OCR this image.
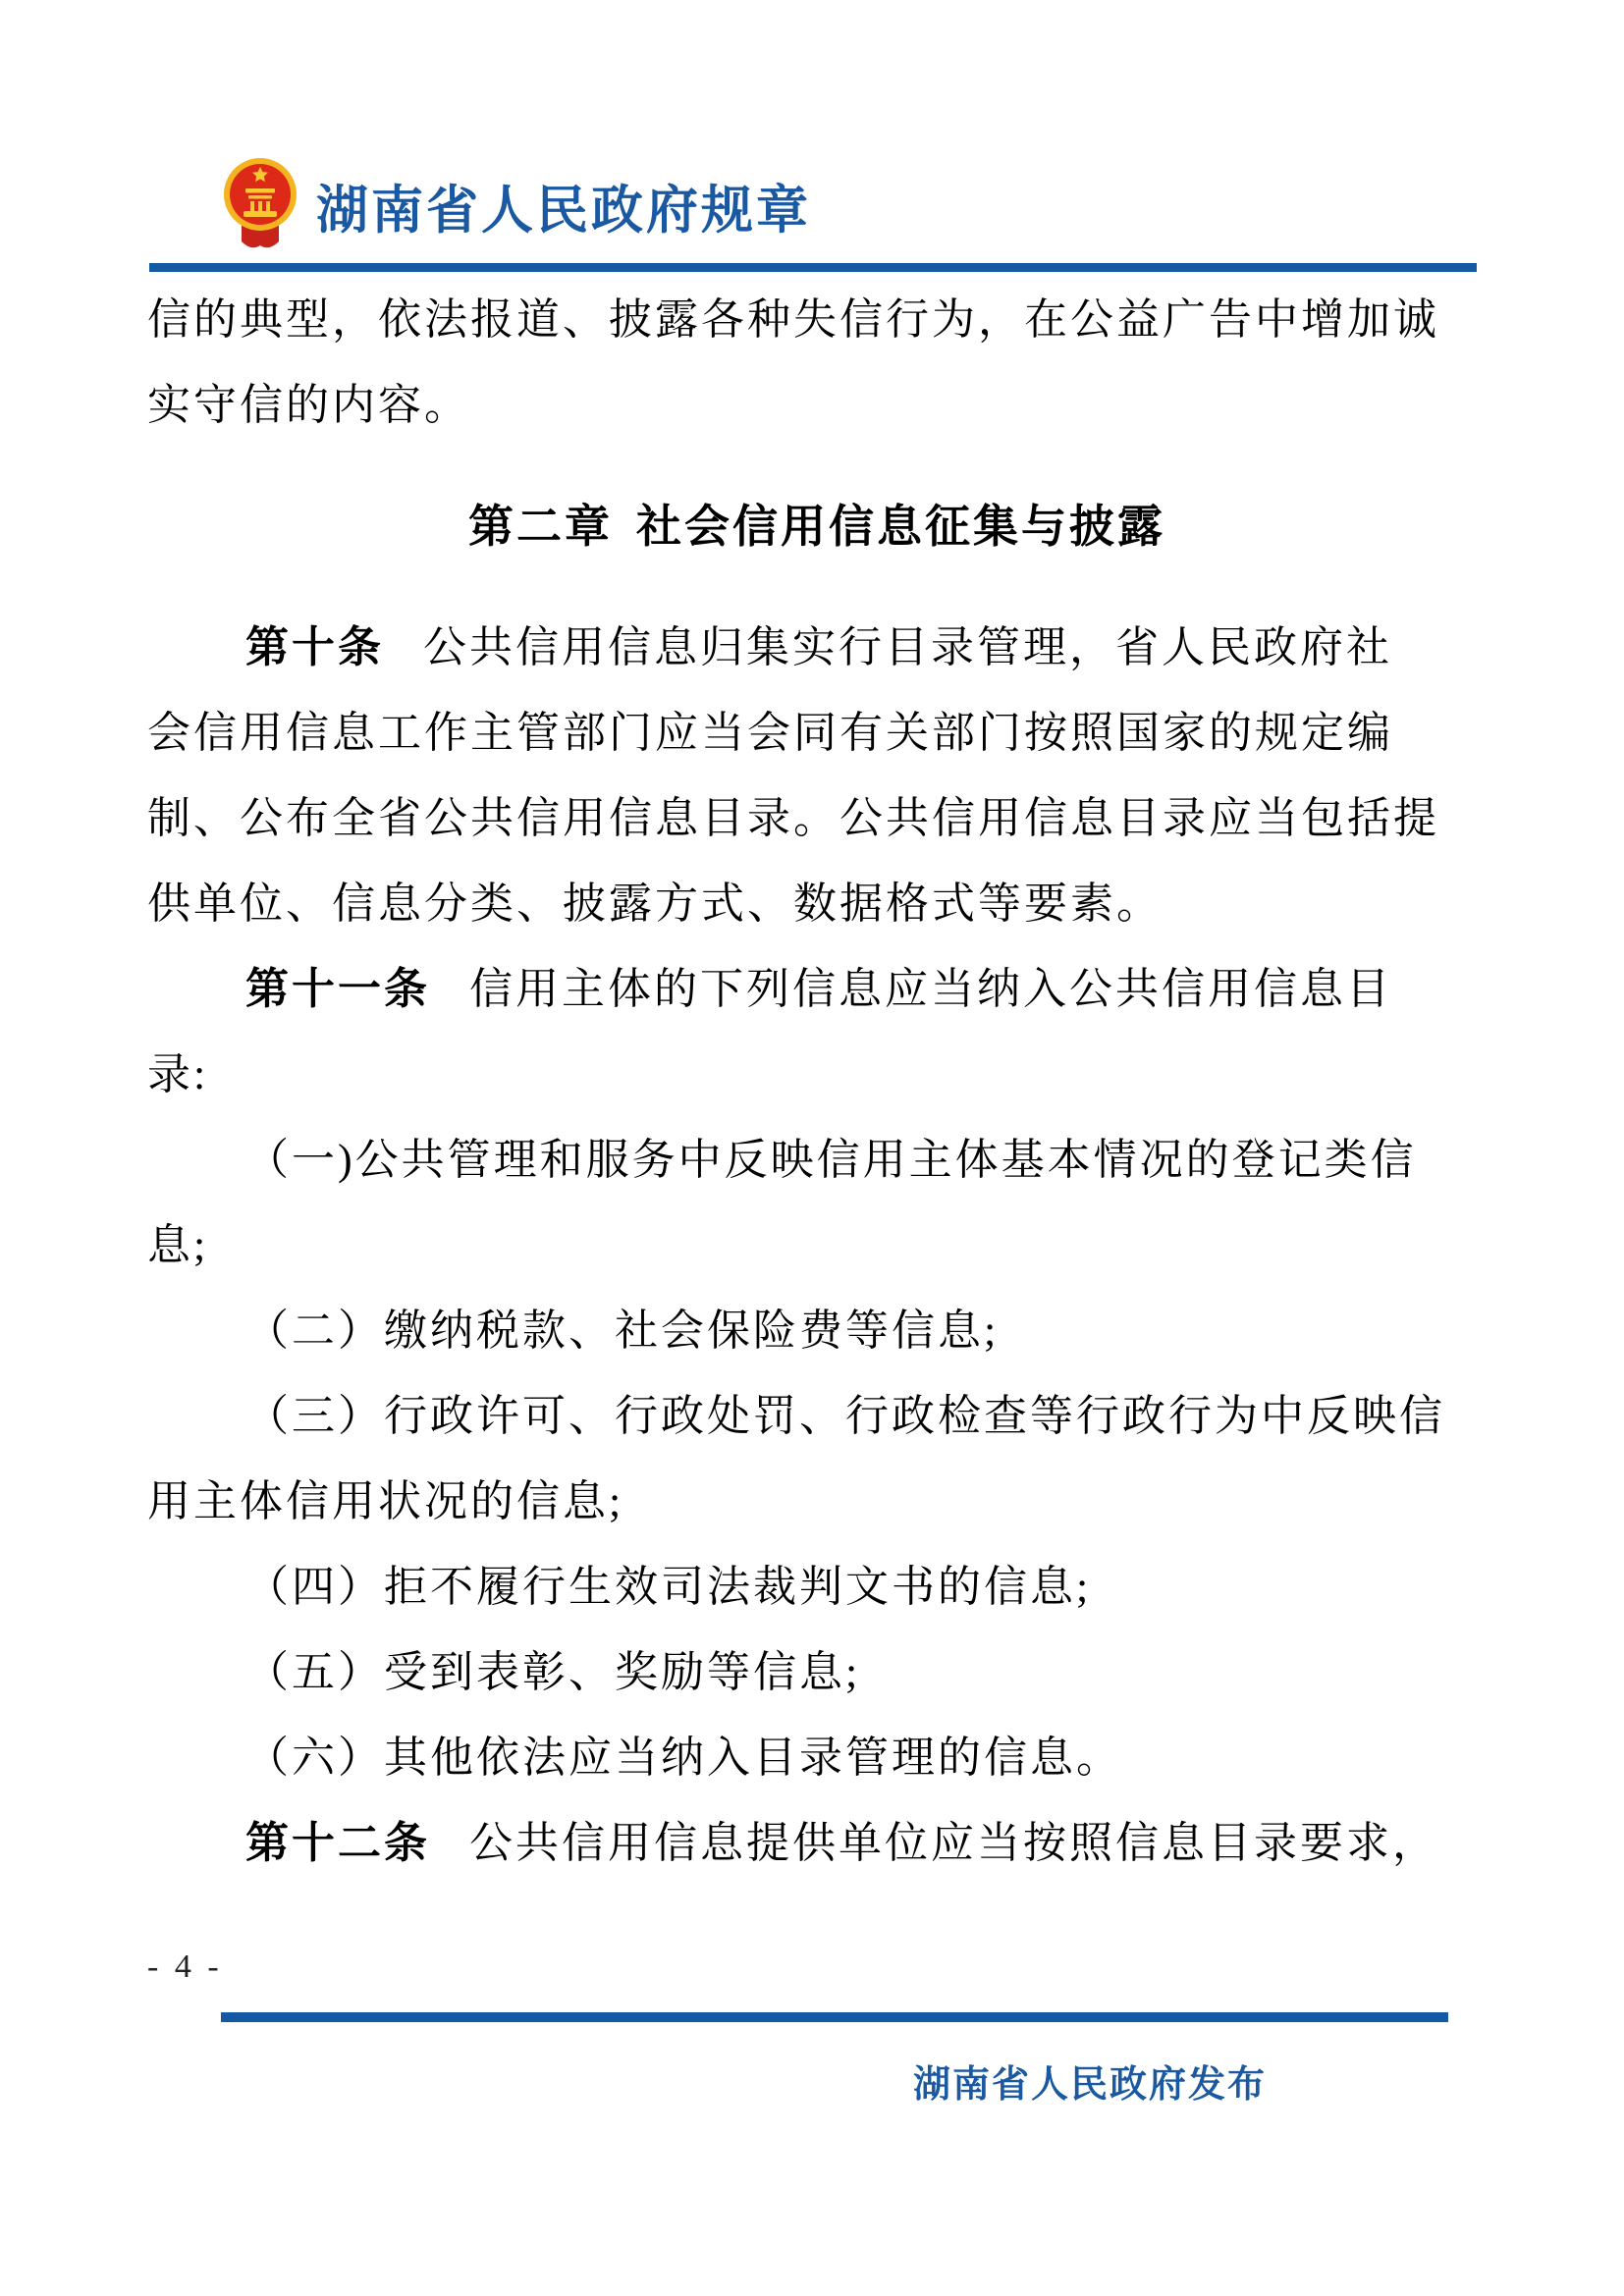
湖南省人民政府规章
信的典型，依法报道、披露各种失信行为，在公益广告中增加诚
实守信的内容。
第二章 社会信用信息征集与披露
第十条 公共信用信息归集实行目录管理，省人民政府社
会信用信息工作主管部门应当会同有关部门按照国家的规定编
制、公布全省公共信用信息目录。公共信用信息目录应当包括提
供单位、信息分类、披露方式、数据格式等要素。
第十一条 信用主体的下列信息应当纳入公共信用信息目
录:
（一)公共管理和服务中反映信用主体基本情况的登记类信
息;
（二）缴纳税款、社会保险费等信息;
（三）行政许可、行政处罚、行政检查等行政行为中反映信
用主体信用状况的信息;
（四）拒不履行生效司法裁判文书的信息;
（五）受到表彰、奖励等信息;
（六）其他依法应当纳入目录管理的信息。
第十二条 公共信用信息提供单位应当按照信息目录要求，
- 4 -
湖南省人民政府发布
